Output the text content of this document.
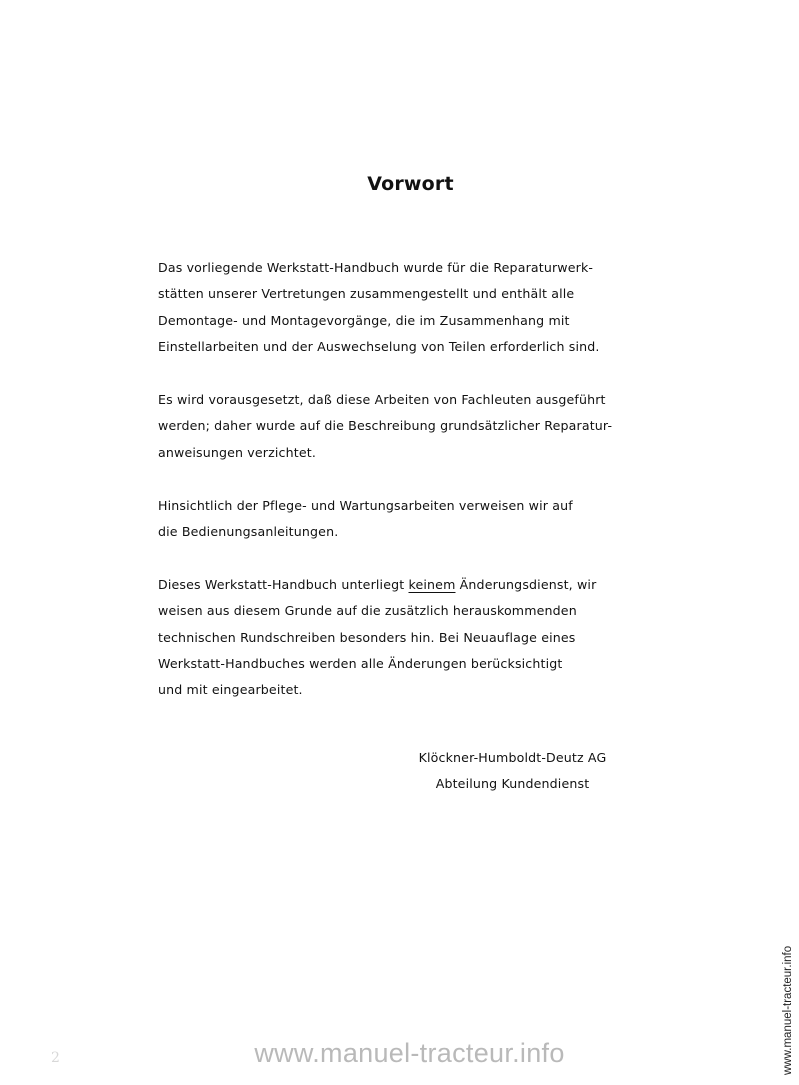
Vorwort

Das vorliegende Werkstatt-Handbuch wurde für die Reparaturwerk-
stätten unserer Vertretungen zusammengestellt und enthält alle
Demontage- und Montagevorgänge, die im Zusammenhang mit
Einstellarbeiten und der Auswechselung von Teilen erforderlich sind.

Es wird vorausgesetzt, daß diese Arbeiten von Fachleuten ausgeführt
werden; daher wurde auf die Beschreibung grundsätzlicher Reparatur-
anweisungen verzichtet.

Hinsichtlich der Pflege- und Wartungsarbeiten verweisen wir auf
die Bedienungsanleitungen.

Dieses Werkstatt-Handbuch unterliegt keinem Änderungsdienst, wir
weisen aus diesem Grunde auf die zusätzlich herauskommenden
technischen Rundschreiben besonders hin. Bei Neuauflage eines
Werkstatt-Handbuches werden alle Änderungen berücksichtigt
und mit eingearbeitet.

Klöckner-Humboldt-Deutz AG
Abteilung Kundendienst
2	www.manuel-tracteur.info	www.manuel-tracteur.info
